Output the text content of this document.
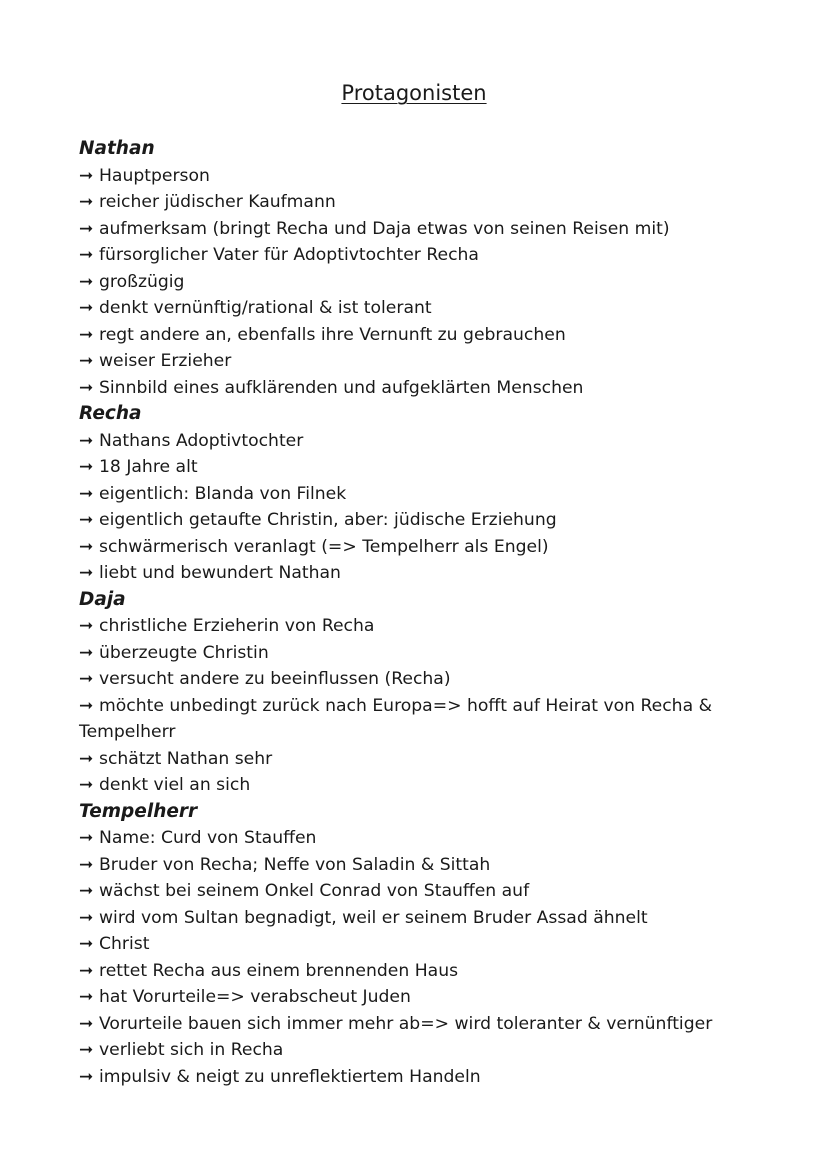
Protagonisten
Nathan
➞ Hauptperson
➞ reicher jüdischer Kaufmann
➞ aufmerksam (bringt Recha und Daja etwas von seinen Reisen mit)
➞ fürsorglicher Vater für Adoptivtochter Recha
➞ großzügig
➞ denkt vernünftig/rational & ist tolerant
➞ regt andere an, ebenfalls ihre Vernunft zu gebrauchen
➞ weiser Erzieher
➞ Sinnbild eines aufklärenden und aufgeklärten Menschen
Recha
➞ Nathans Adoptivtochter
➞ 18 Jahre alt
➞ eigentlich: Blanda von Filnek
➞ eigentlich getaufte Christin, aber: jüdische Erziehung
➞ schwärmerisch veranlagt (=> Tempelherr als Engel)
➞ liebt und bewundert Nathan
Daja
➞ christliche Erzieherin von Recha
➞ überzeugte Christin
➞ versucht andere zu beeinflussen (Recha)
➞ möchte unbedingt zurück nach Europa=> hofft auf Heirat von Recha & Tempelherr
➞ schätzt Nathan sehr
➞ denkt viel an sich
Tempelherr
➞ Name: Curd von Stauffen
➞ Bruder von Recha; Neffe von Saladin & Sittah
➞ wächst bei seinem Onkel Conrad von Stauffen auf
➞ wird vom Sultan begnadigt, weil er seinem Bruder Assad ähnelt
➞ Christ
➞ rettet Recha aus einem brennenden Haus
➞ hat Vorurteile=> verabscheut Juden
➞ Vorurteile bauen sich immer mehr ab=> wird toleranter & vernünftiger
➞ verliebt sich in Recha
➞ impulsiv & neigt zu unreflektiertem Handeln
